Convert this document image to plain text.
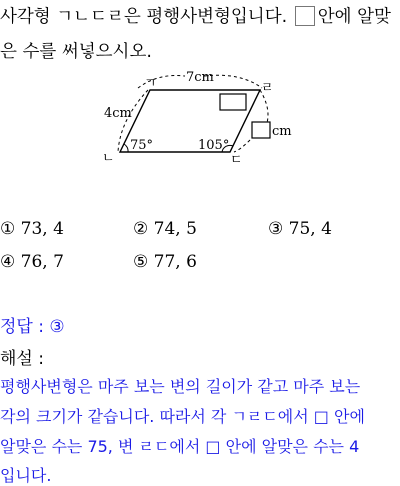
사각형 ㄱㄴㄷㄹ은 평행사변형입니다. 안에 알맞
은 수를 써넣으시오.
ㄱ
ㄴ	ㄷ
ㄹ
7cm
4cm
cm
75°	105°
① 73, 4	② 74, 5	③ 75, 4
④ 76, 7	⑤ 77, 6
정답 : ③
해설 :
평행사변형은 마주 보는 변의 길이가 같고 마주 보는
각의 크기가 같습니다. 따라서 각 ㄱㄹㄷ에서 □ 안에
알맞은 수는 75, 변 ㄹㄷ에서 □ 안에 알맞은 수는 4
입니다.
